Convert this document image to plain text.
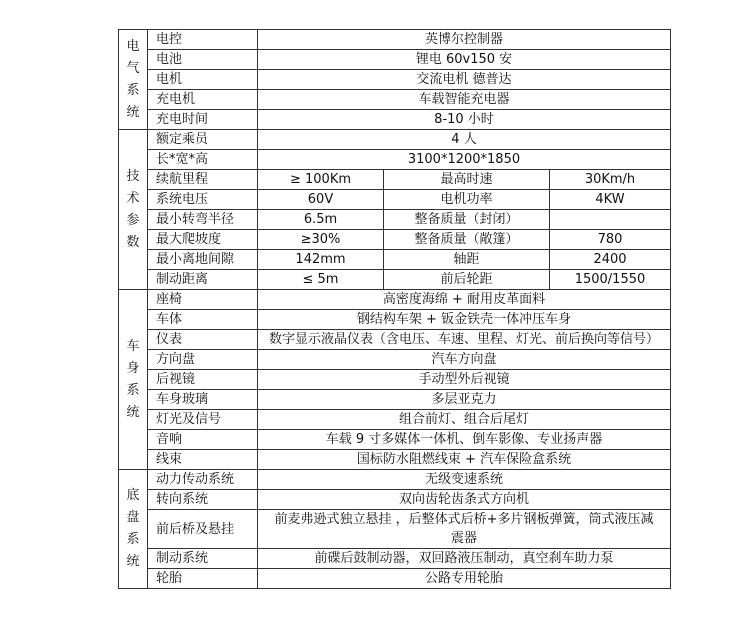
电气系统	电控	英博尔控制器		
	电池	锂电 60v150 安		
	电机	交流电机 德普达		
	充电机	车载智能充电器		
	充电时间	8-10 小时		
技术参数	额定乘员	4 人		
	长*宽*高	3100*1200*1850		
	续航里程	≥ 100Km	最高时速	30Km/h
	系统电压	60V	电机功率	4KW
	最小转弯半径	6.5m	整备质量（封闭）	
	最大爬坡度	≥30%	整备质量（敞篷）	780
	最小离地间隙	142mm	轴距	2400
	制动距离	≤ 5m	前后轮距	1500/1550
车身系统	座椅	高密度海绵 + 耐用皮革面料		
	车体	钢结构车架 + 钣金铁壳一体冲压车身		
	仪表	数字显示液晶仪表（含电压、车速、里程、灯光、前后换向等信号）		
	方向盘	汽车方向盘		
	后视镜	手动型外后视镜		
	车身玻璃	多层亚克力		
	灯光及信号	组合前灯、组合后尾灯		
	音响	车载 9 寸多媒体一体机、倒车影像、专业扬声器		
	线束	国标防水阻燃线束 + 汽车保险盒系统		
底盘系统	动力传动系统	无级变速系统		
	转向系统	双向齿轮齿条式方向机		
	前后桥及悬挂	前麦弗逊式独立悬挂 ，后整体式后桥+多片钢板弹簧，筒式液压减震器		
	制动系统	前碟后鼓制动器，双回路液压制动，真空刹车助力泵		
	轮胎	公路专用轮胎		
